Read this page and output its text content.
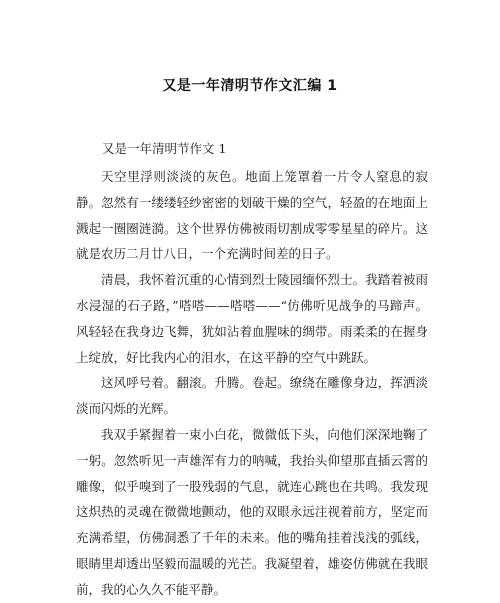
又是一年清明节作文汇编 1
又是一年清明节作文 1

天空里浮则淡淡的灰色。地面上笼罩着一片令人窒息的寂静。忽然有一缕缕轻纱密密的划破干燥的空气，轻盈的在地面上溅起一圈圈涟漪。这个世界仿佛被雨切割成零零星星的碎片。这就是农历二月廿八日，一个充满时间差的日子。

清晨，我怀着沉重的心情到烈士陵园缅怀烈士。我踏着被雨水浸湿的石子路，”嗒嗒——嗒嗒——“仿佛听见战争的马蹄声。风轻轻在我身边飞舞，犹如沾着血腥味的绸带。雨柔柔的在握身上绽放，好比我内心的泪水，在这平静的空气中跳跃。

这风呼号着。翻滚。升腾。卷起。缭绕在雕像身边，挥洒淡淡而闪烁的光辉。

我双手紧握着一束小白花，微微低下头，向他们深深地鞠了一躬。忽然听见一声雄浑有力的呐喊，我抬头仰望那直插云霄的雕像，似乎嗅到了一股残弱的气息，就连心跳也在共鸣。我发现这炽热的灵魂在微微地颤动，他的双眼永远注视着前方，坚定而充满希望，仿佛洞悉了千年的未来。他的嘴角挂着浅浅的弧线，眼睛里却透出坚毅而温暖的光芒。我凝望着，雄姿仿佛就在我眼前，我的心久久不能平静。
